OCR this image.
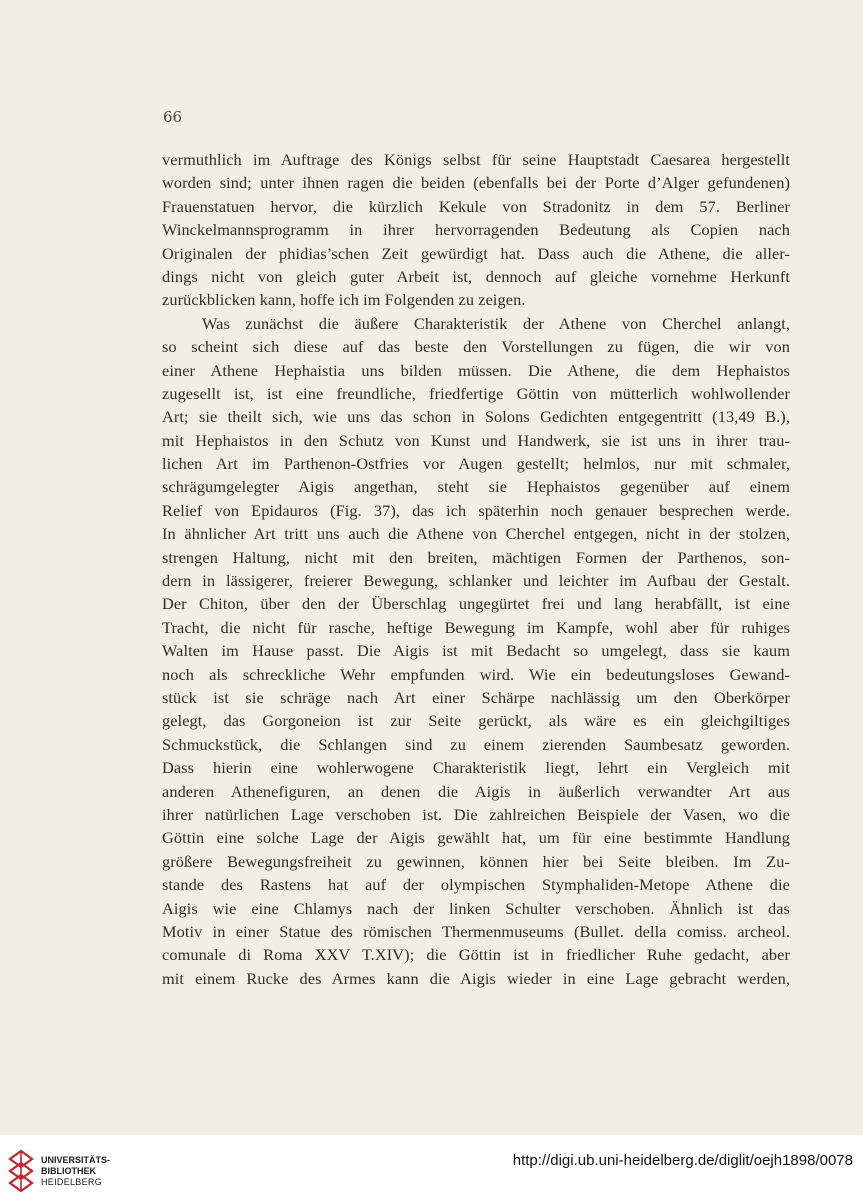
66
vermuthlich im Auftrage des Königs selbst für seine Hauptstadt Caesarea hergestellt
worden sind; unter ihnen ragen die beiden (ebenfalls bei der Porte d’Alger gefundenen)
Frauenstatuen hervor, die kürzlich Kekule von Stradonitz in dem 57. Berliner
Winckelmannsprogramm in ihrer hervorragenden Bedeutung als Copien nach
Originalen der phidias’schen Zeit gewürdigt hat. Dass auch die Athene, die aller-
dings nicht von gleich guter Arbeit ist, dennoch auf gleiche vornehme Herkunft
zurückblicken kann, hoffe ich im Folgenden zu zeigen.
Was zunächst die äußere Charakteristik der Athene von Cherchel anlangt,
so scheint sich diese auf das beste den Vorstellungen zu fügen, die wir von
einer Athene Hephaistia uns bilden müssen. Die Athene, die dem Hephaistos
zugesellt ist, ist eine freundliche, friedfertige Göttin von mütterlich wohlwollender
Art; sie theilt sich, wie uns das schon in Solons Gedichten entgegentritt (13,49 B.),
mit Hephaistos in den Schutz von Kunst und Handwerk, sie ist uns in ihrer trau-
lichen Art im Parthenon-Ostfries vor Augen gestellt; helmlos, nur mit schmaler,
schrägumgelegter Aigis angethan, steht sie Hephaistos gegenüber auf einem
Relief von Epidauros (Fig. 37), das ich späterhin noch genauer besprechen werde.
In ähnlicher Art tritt uns auch die Athene von Cherchel entgegen, nicht in der stolzen,
strengen Haltung, nicht mit den breiten, mächtigen Formen der Parthenos, son-
dern in lässigerer, freierer Bewegung, schlanker und leichter im Aufbau der Gestalt.
Der Chiton, über den der Überschlag ungegürtet frei und lang herabfällt, ist eine
Tracht, die nicht für rasche, heftige Bewegung im Kampfe, wohl aber für ruhiges
Walten im Hause passt. Die Aigis ist mit Bedacht so umgelegt, dass sie kaum
noch als schreckliche Wehr empfunden wird. Wie ein bedeutungsloses Gewand-
stück ist sie schräge nach Art einer Schärpe nachlässig um den Oberkörper
gelegt, das Gorgoneion ist zur Seite gerückt, als wäre es ein gleichgiltiges
Schmuckstück, die Schlangen sind zu einem zierenden Saumbesatz geworden.
Dass hierin eine wohlerwogene Charakteristik liegt, lehrt ein Vergleich mit
anderen Athenefiguren, an denen die Aigis in äußerlich verwandter Art aus
ihrer natürlichen Lage verschoben ist. Die zahlreichen Beispiele der Vasen, wo die
Göttin eine solche Lage der Aigis gewählt hat, um für eine bestimmte Handlung
größere Bewegungsfreiheit zu gewinnen, können hier bei Seite bleiben. Im Zu-
stande des Rastens hat auf der olympischen Stymphaliden-Metope Athene die
Aigis wie eine Chlamys nach der linken Schulter verschoben. Ähnlich ist das
Motiv in einer Statue des römischen Thermenmuseums (Bullet. della comiss. archeol.
comunale di Roma XXV T.XIV); die Göttin ist in friedlicher Ruhe gedacht, aber
mit einem Rucke des Armes kann die Aigis wieder in eine Lage gebracht werden,
UNIVERSITÄTS-
BIBLIOTHEK
HEIDELBERG
http://digi.ub.uni-heidelberg.de/diglit/oejh1898/0078
